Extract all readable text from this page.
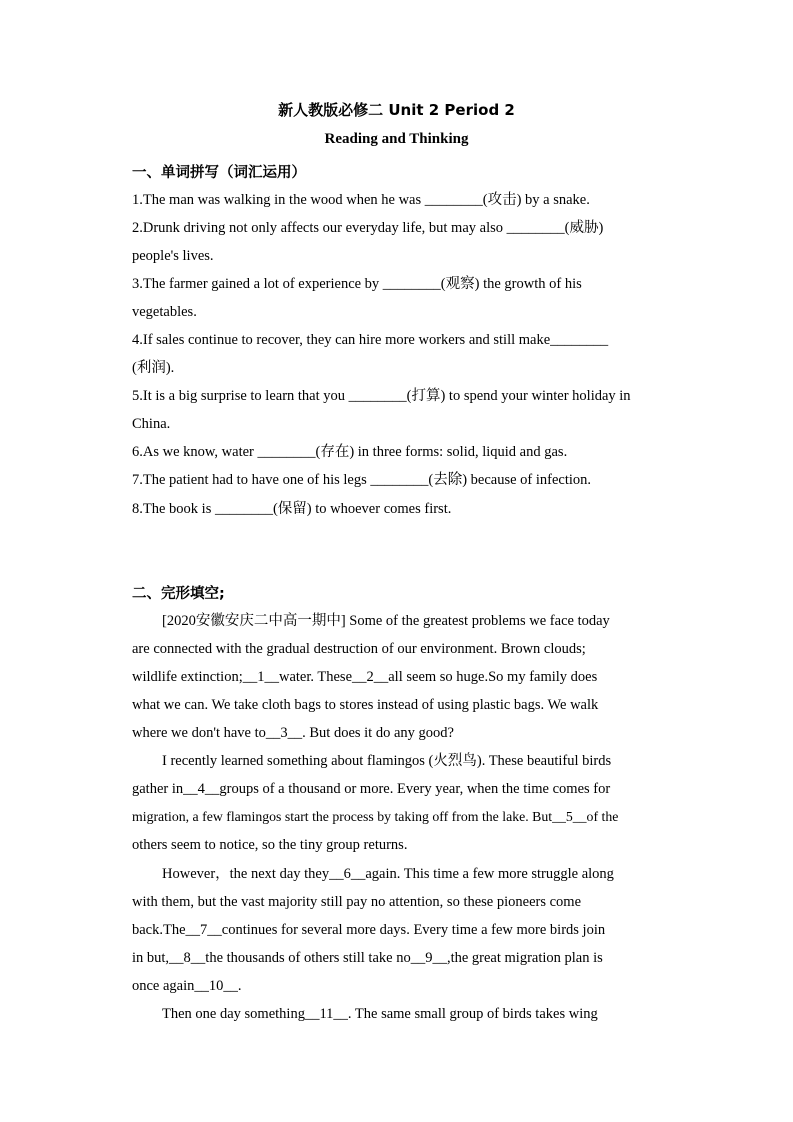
新人教版必修二 Unit 2 Period 2
Reading and Thinking
一、单词拼写（词汇运用）
1.The man was walking in the wood when he was ________(攻击) by a snake.
2.Drunk driving not only affects our everyday life, but may also ________(威胁)
people's lives.
3.The farmer gained a lot of experience by ________(观察) the growth of his
vegetables.
4.If sales continue to recover, they can hire more workers and still make________
(利润).
5.It is a big surprise to learn that you ________(打算) to spend your winter holiday in
China.
6.As we know, water ________(存在) in three forms: solid, liquid and gas.
7.The patient had to have one of his legs ________(去除) because of infection.
8.The book is ________(保留) to whoever comes first.
二、完形填空;
[2020安徽安庆二中高一期中] Some of the greatest problems we face today
are connected with the gradual destruction of our environment. Brown clouds;
wildlife extinction;__1__water. These__2__all seem so huge.So my family does
what we can. We take cloth bags to stores instead of using plastic bags. We walk
where we don't have to__3__. But does it do any good?
I recently learned something about flamingos (火烈鸟). These beautiful birds
gather in__4__groups of a thousand or more. Every year, when the time comes for
migration, a few flamingos start the process by taking off from the lake. But__5__of the
others seem to notice, so the tiny group returns.
However，the next day they__6__again. This time a few more struggle along
with them, but the vast majority still pay no attention, so these pioneers come
back.The__7__continues for several more days. Every time a few more birds join
in but,__8__the thousands of others still take no__9__,the great migration plan is
once again__10__.
Then one day something__11__. The same small group of birds takes wing
